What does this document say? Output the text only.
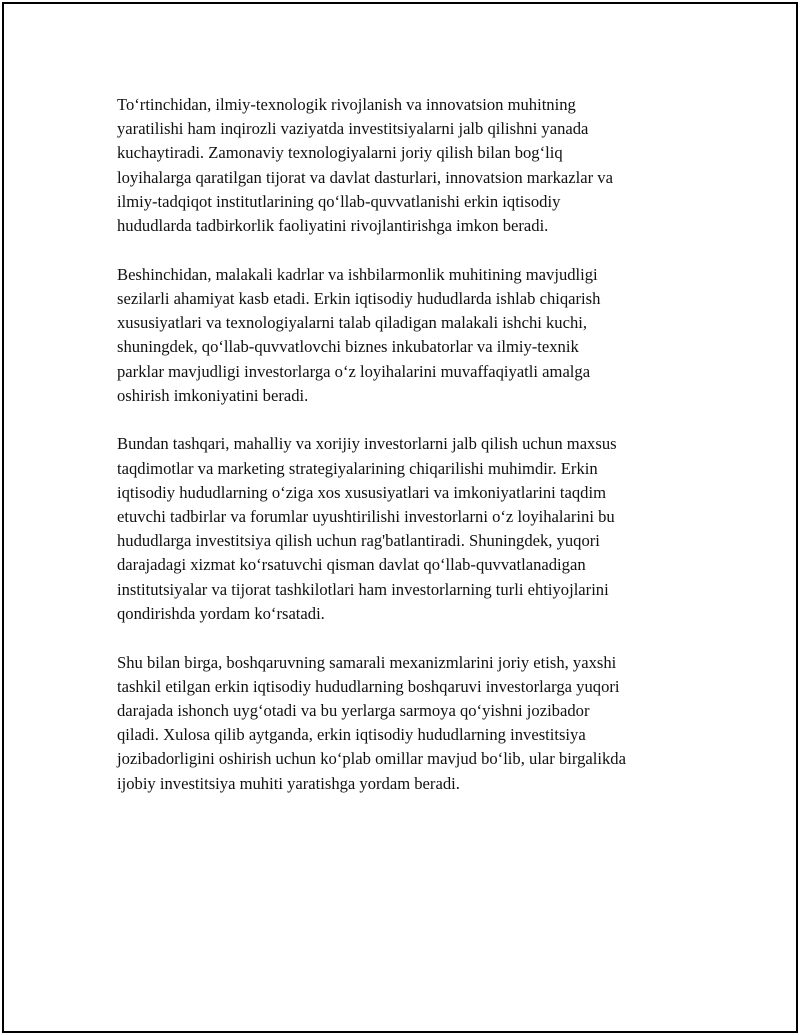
To‘rtinchidan, ilmiy-texnologik rivojlanish va innovatsion muhitning
yaratilishi ham inqirozli vaziyatda investitsiyalarni jalb qilishni yanada
kuchaytiradi. Zamonaviy texnologiyalarni joriy qilish bilan bog‘liq
loyihalarga qaratilgan tijorat va davlat dasturlari, innovatsion markazlar va
ilmiy-tadqiqot institutlarining qo‘llab-quvvatlanishi erkin iqtisodiy
hududlarda tadbirkorlik faoliyatini rivojlantirishga imkon beradi.

Beshinchidan, malakali kadrlar va ishbilarmonlik muhitining mavjudligi
sezilarli ahamiyat kasb etadi. Erkin iqtisodiy hududlarda ishlab chiqarish
xususiyatlari va texnologiyalarni talab qiladigan malakali ishchi kuchi,
shuningdek, qo‘llab-quvvatlovchi biznes inkubatorlar va ilmiy-texnik
parklar mavjudligi investorlarga o‘z loyihalarini muvaffaqiyatli amalga
oshirish imkoniyatini beradi.

Bundan tashqari, mahalliy va xorijiy investorlarni jalb qilish uchun maxsus
taqdimotlar va marketing strategiyalarining chiqarilishi muhimdir. Erkin
iqtisodiy hududlarning o‘ziga xos xususiyatlari va imkoniyatlarini taqdim
etuvchi tadbirlar va forumlar uyushtirilishi investorlarni o‘z loyihalarini bu
hududlarga investitsiya qilish uchun rag'batlantiradi. Shuningdek, yuqori
darajadagi xizmat ko‘rsatuvchi qisman davlat qo‘llab-quvvatlanadigan
institutsiyalar va tijorat tashkilotlari ham investorlarning turli ehtiyojlarini
qondirishda yordam ko‘rsatadi.

Shu bilan birga, boshqaruvning samarali mexanizmlarini joriy etish, yaxshi
tashkil etilgan erkin iqtisodiy hududlarning boshqaruvi investorlarga yuqori
darajada ishonch uyg‘otadi va bu yerlarga sarmoya qo‘yishni jozibador
qiladi. Xulosa qilib aytganda, erkin iqtisodiy hududlarning investitsiya
jozibadorligini oshirish uchun ko‘plab omillar mavjud bo‘lib, ular birgalikda
ijobiy investitsiya muhiti yaratishga yordam beradi.
